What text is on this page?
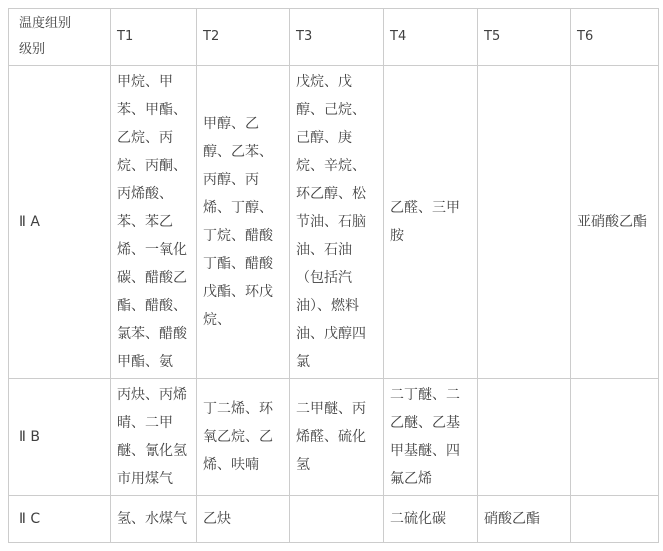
温度组别
级别	T1	T2	T3	T4	T5	T6
Ⅱ A	甲烷、甲苯、甲酯、乙烷、丙烷、丙酮、丙烯酸、苯、苯乙烯、一氧化碳、醋酸乙酯、醋酸、氯苯、醋酸甲酯、氨	甲醇、乙醇、乙苯、丙醇、丙烯、丁醇、丁烷、醋酸丁酯、醋酸戊酯、环戊烷、	戊烷、戊醇、己烷、己醇、庚烷、辛烷、环乙醇、松节油、石脑油、石油（包括汽油）、燃料油、戊醇四氯	乙醛、三甲胺		亚硝酸乙酯
Ⅱ B	丙炔、丙烯晴、二甲醚、氰化氢市用煤气	丁二烯、环氧乙烷、乙烯、呋喃	二甲醚、丙烯醛、硫化氢	二丁醚、二乙醚、乙基甲基醚、四氟乙烯		
Ⅱ C	氢、水煤气	乙炔		二硫化碳	硝酸乙酯	
